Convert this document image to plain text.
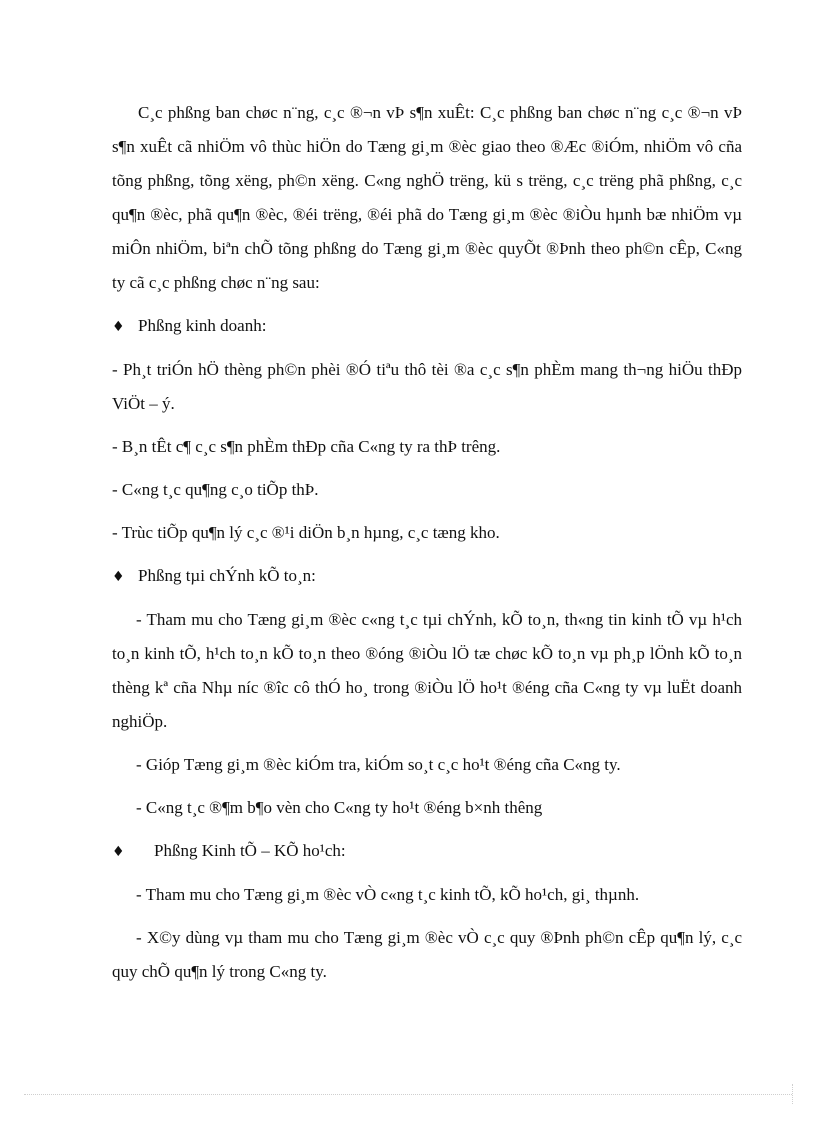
C¸c phßng ban chøc n¨ng, c¸c ®¬n vÞ s¶n xuÊt: C¸c phßng ban chøc n¨ng c¸c ®¬n vÞ s¶n xuÊt cã nhiÖm vô thùc hiÖn do Tæng gi¸m ®èc giao theo ®Æc ®iÓm, nhiÖm vô cña tõng phßng, tõng xëng, ph©n xëng. C«ng nghÖ trëng, kü s trëng, c¸c trëng phã phßng, c¸c qu¶n ®èc, phã qu¶n ®èc, ®éi trëng, ®éi phã do Tæng gi¸m ®èc ®iÒu hµnh bæ nhiÖm vµ miÔn nhiÖm, biªn chÕ tõng phßng do Tæng gi¸m ®èc quyÕt ®Þnh theo ph©n cÊp, C«ng ty cã c¸c phßng chøc n¨ng sau:

♦ Phßng kinh doanh:

- Ph¸t triÓn hÖ thèng ph©n phèi ®Ó tiªu thô tèi ®a c¸c s¶n phÈm mang th¬ng hiÖu thÐp ViÖt – ý.

- B¸n tÊt c¶ c¸c s¶n phÈm thÐp cña C«ng ty ra thÞ trêng.

- C«ng t¸c qu¶ng c¸o tiÕp thÞ.

- Trùc tiÕp qu¶n lý c¸c ®¹i diÖn b¸n hµng, c¸c tæng kho.

♦ Phßng tµi chÝnh kÕ to¸n:

- Tham mu cho Tæng gi¸m ®èc c«ng t¸c tµi chÝnh, kÕ to¸n, th«ng tin kinh tÕ vµ h¹ch to¸n kinh tÕ, h¹ch to¸n kÕ to¸n theo ®óng ®iÒu lÖ tæ chøc kÕ to¸n vµ ph¸p lÖnh kÕ to¸n thèng kª cña Nhµ níc ®îc cô thÓ ho¸ trong ®iÒu lÖ ho¹t ®éng cña C«ng ty vµ luËt doanh nghiÖp.

- Gióp Tæng gi¸m ®èc kiÓm tra, kiÓm so¸t c¸c ho¹t ®éng cña C«ng ty.

- C«ng t¸c ®¶m b¶o vèn cho C«ng ty ho¹t ®éng b×nh thêng

♦ Phßng Kinh tÕ – KÕ ho¹ch:

- Tham mu cho Tæng gi¸m ®èc vÒ c«ng t¸c kinh tÕ, kÕ ho¹ch, gi¸ thµnh.

- X©y dùng vµ tham mu cho Tæng gi¸m ®èc vÒ c¸c quy ®Þnh ph©n cÊp qu¶n lý, c¸c quy chÕ qu¶n lý trong C«ng ty.
